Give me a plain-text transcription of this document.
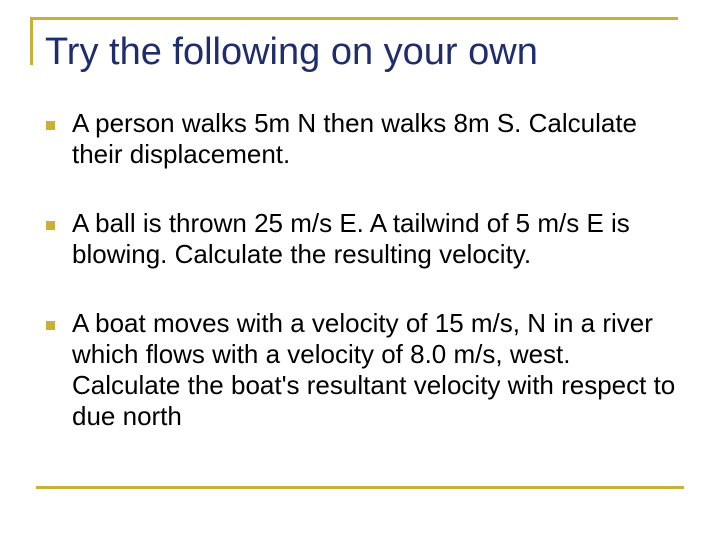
Try the following on your own
A person walks 5m N then walks 8m S. Calculate their displacement.
A ball is thrown 25 m/s E. A tailwind of 5 m/s E is blowing. Calculate the resulting velocity.
A boat moves with a velocity of 15 m/s, N in a river which flows with a velocity of 8.0 m/s, west. Calculate the boat's resultant velocity with respect to due north
